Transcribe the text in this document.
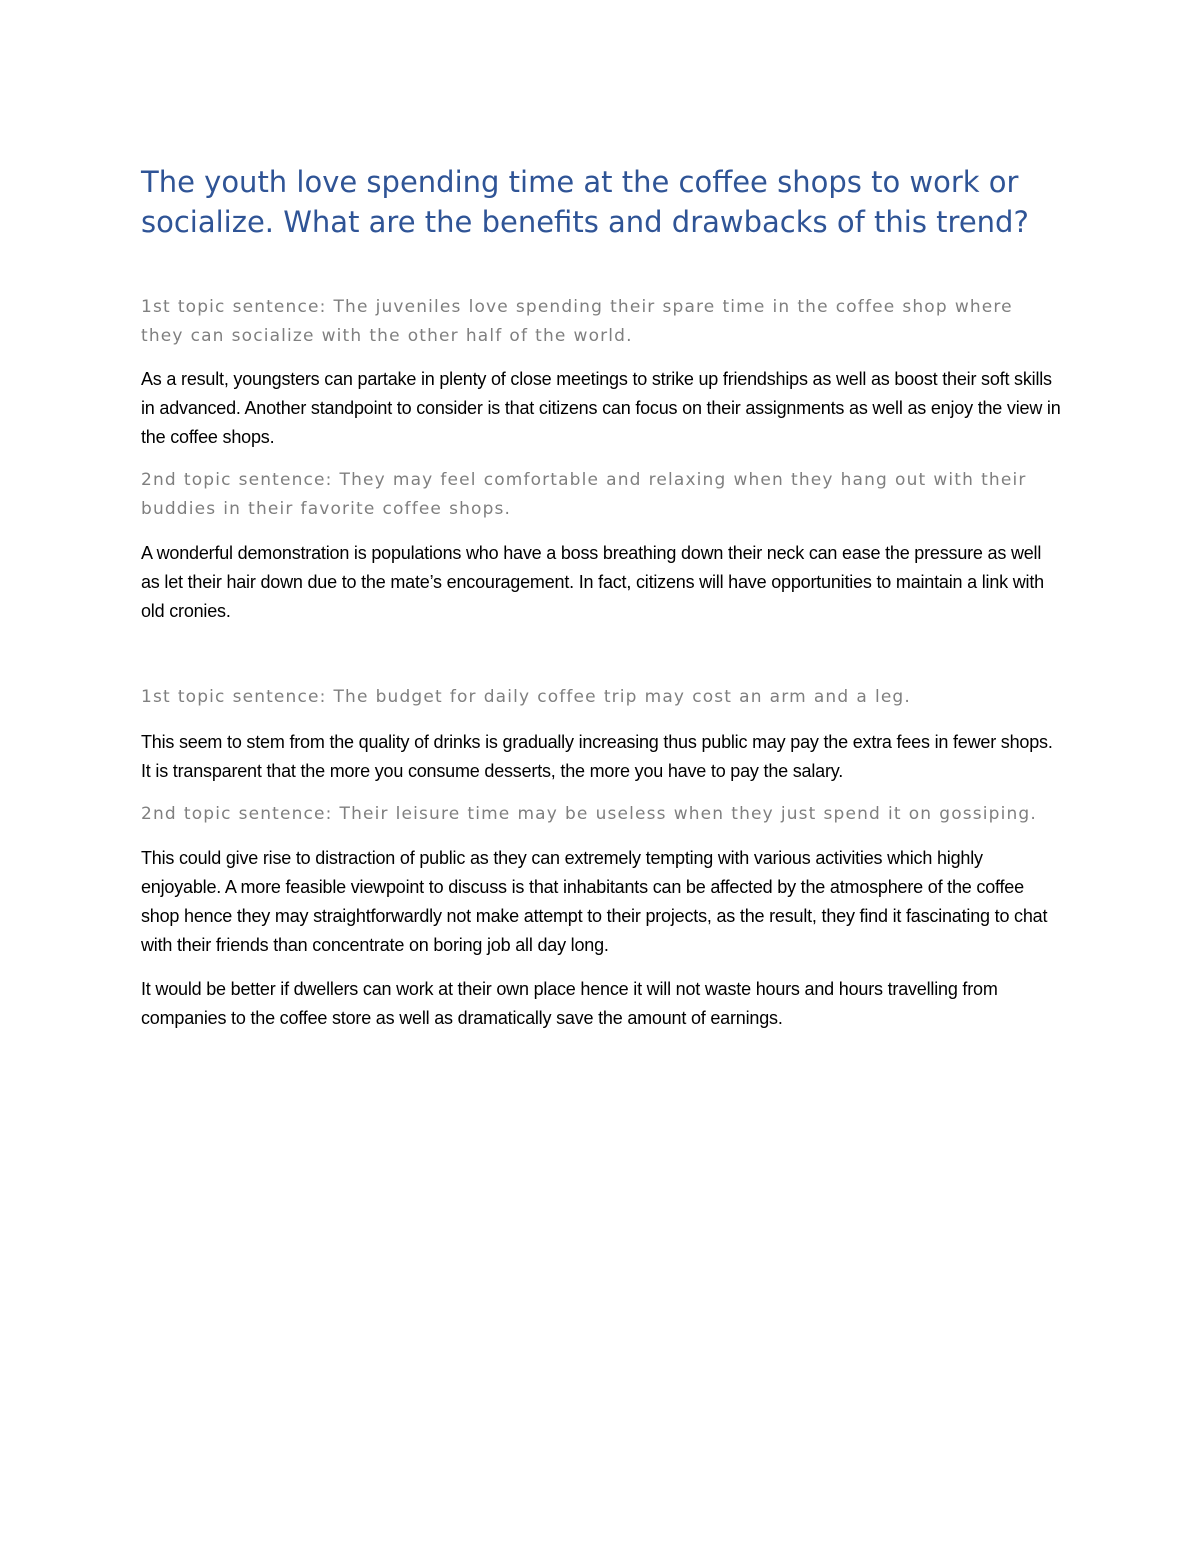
The youth love spending time at the coffee shops to work or socialize. What are the benefits and drawbacks of this trend?

1st topic sentence: The juveniles love spending their spare time in the coffee shop where they can socialize with the other half of the world.

As a result, youngsters can partake in plenty of close meetings to strike up friendships as well as boost their soft skills in advanced. Another standpoint to consider is that citizens can focus on their assignments as well as enjoy the view in the coffee shops.

2nd topic sentence: They may feel comfortable and relaxing when they hang out with their buddies in their favorite coffee shops.

A wonderful demonstration is populations who have a boss breathing down their neck can ease the pressure as well as let their hair down due to the mate’s encouragement. In fact, citizens will have opportunities to maintain a link with old cronies.

1st topic sentence: The budget for daily coffee trip may cost an arm and a leg.

This seem to stem from the quality of drinks is gradually increasing thus public may pay the extra fees in fewer shops. It is transparent that the more you consume desserts, the more you have to pay the salary.

2nd topic sentence: Their leisure time may be useless when they just spend it on gossiping.

This could give rise to distraction of public as they can extremely tempting with various activities which highly enjoyable. A more feasible viewpoint to discuss is that inhabitants can be affected by the atmosphere of the coffee shop hence they may straightforwardly not make attempt to their projects, as the result, they find it fascinating to chat with their friends than concentrate on boring job all day long.

It would be better if dwellers can work at their own place hence it will not waste hours and hours travelling from companies to the coffee store as well as dramatically save the amount of earnings.
